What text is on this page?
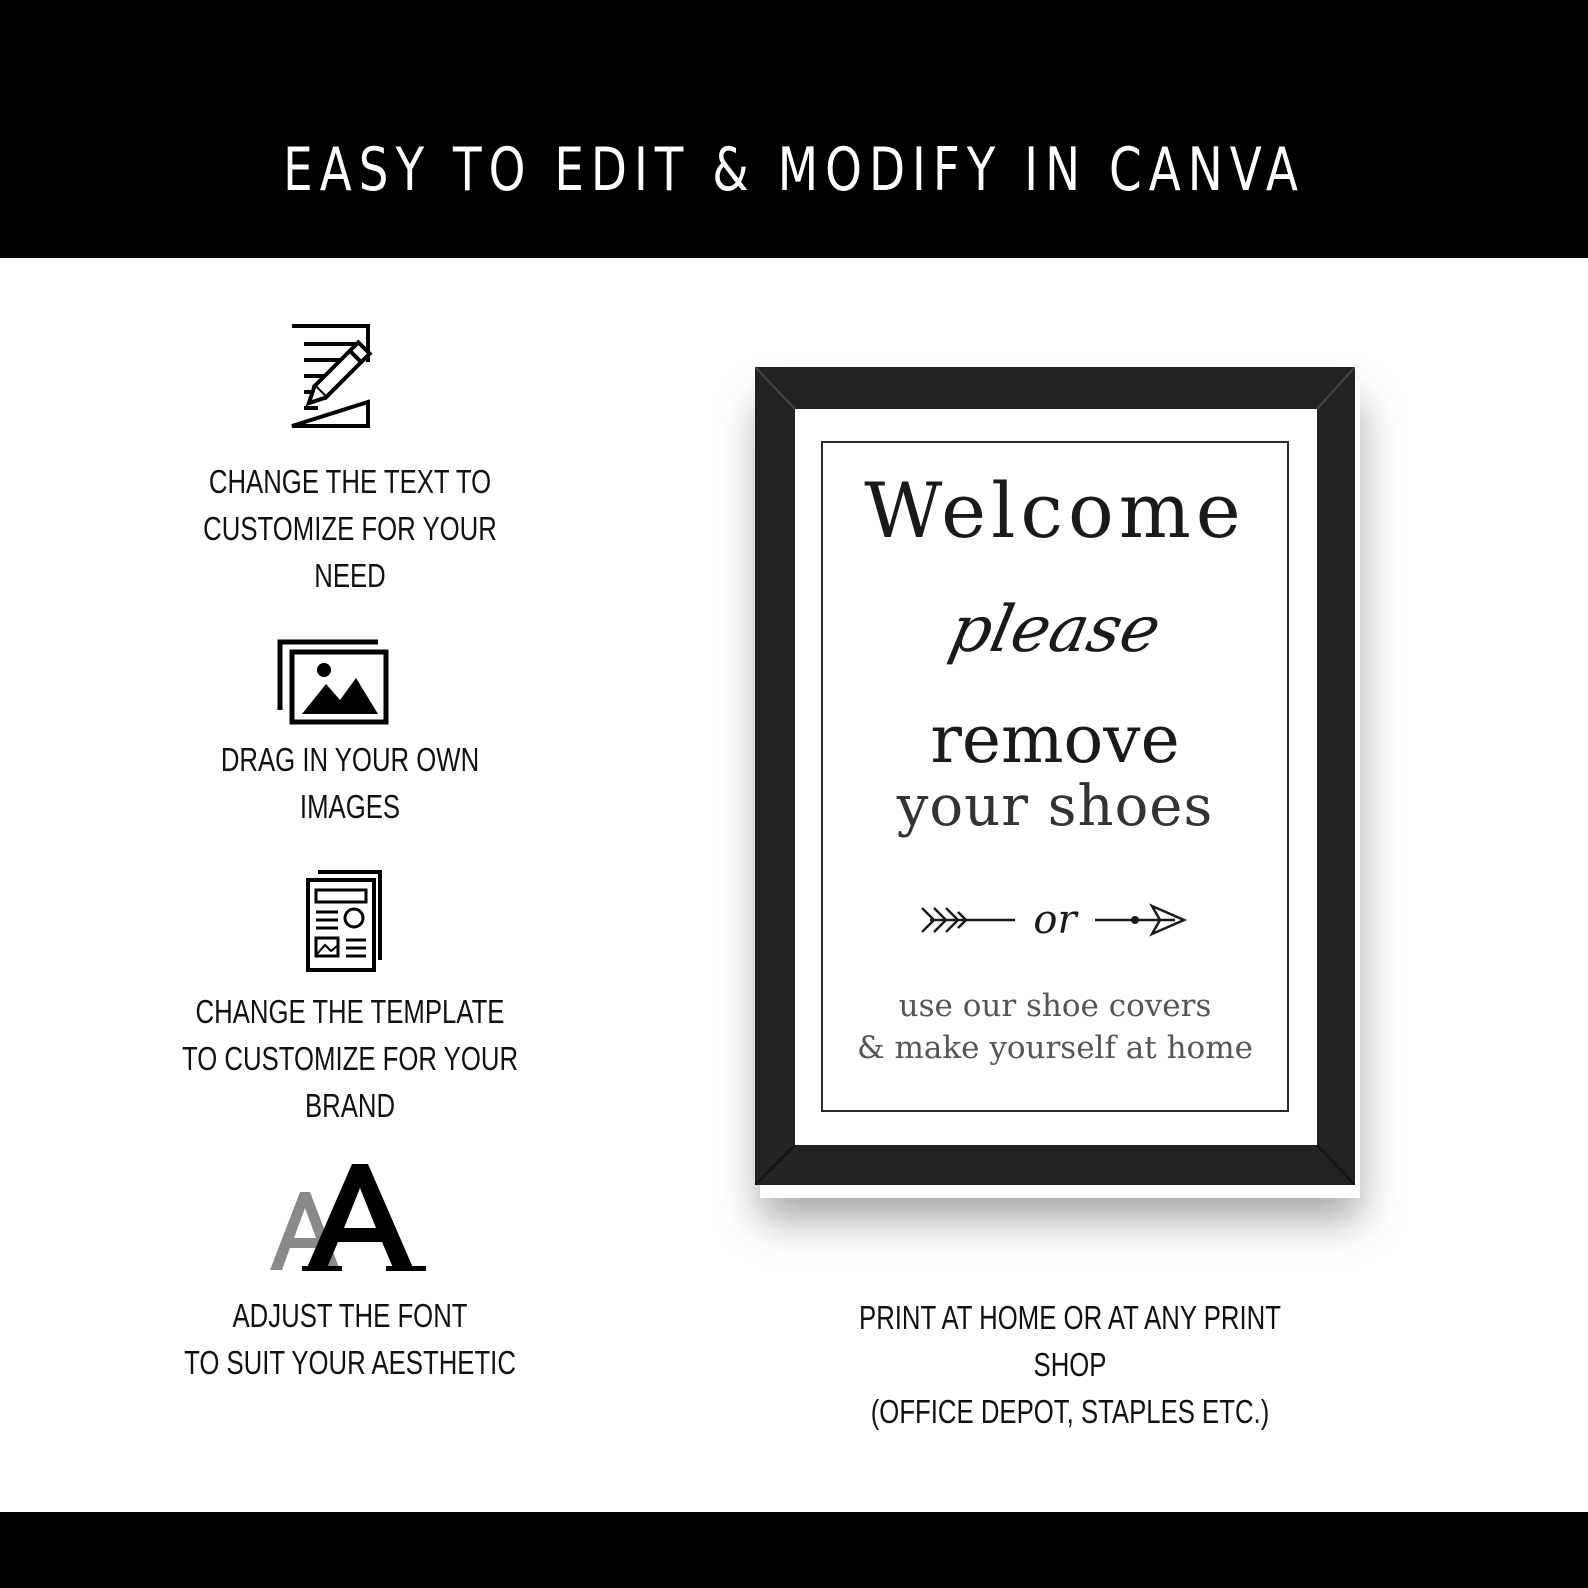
EASY TO EDIT & MODIFY IN CANVA
CHANGE THE TEXT TO
CUSTOMIZE FOR YOUR NEED
DRAG IN YOUR OWN IMAGES
CHANGE THE TEMPLATE
TO CUSTOMIZE FOR YOUR BRAND
ADJUST THE FONT
TO SUIT YOUR AESTHETIC
Welcome
please
remove
your shoes
or
use our shoe covers
& make yourself at home
PRINT AT HOME OR AT ANY PRINT SHOP
(OFFICE DEPOT, STAPLES ETC.)
